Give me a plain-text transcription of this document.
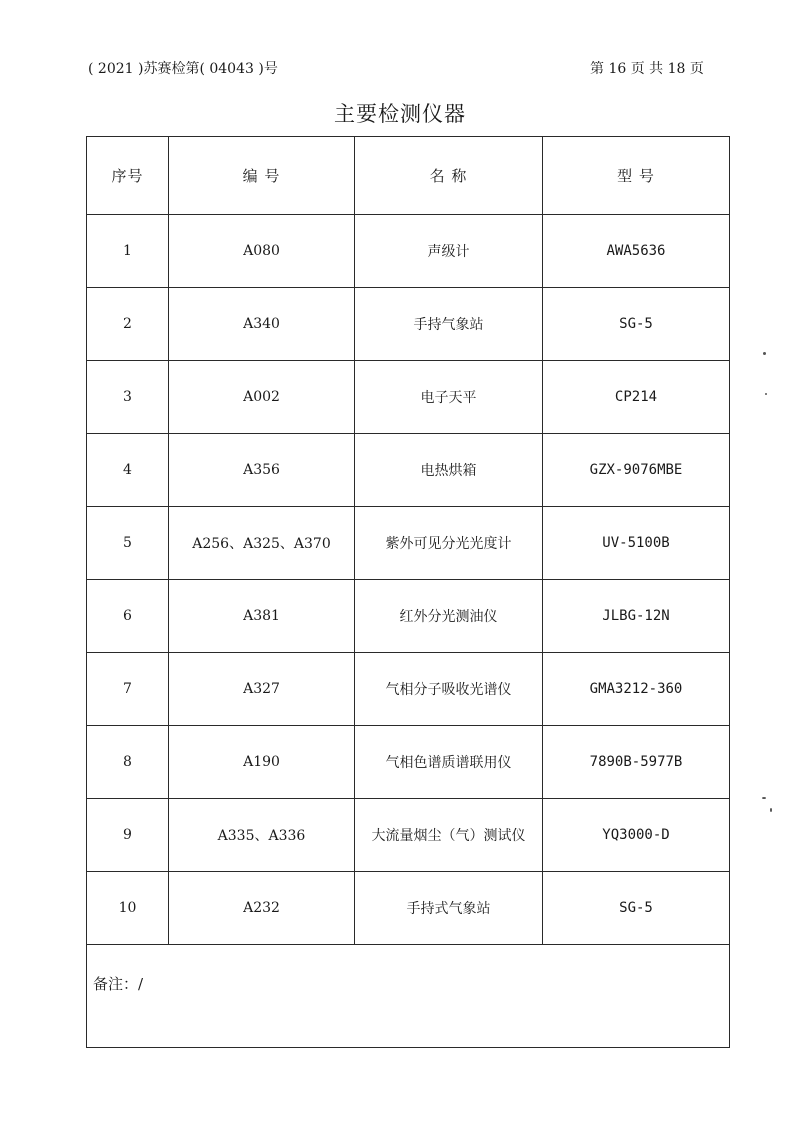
( 2021 )苏赛检第( 04043 )号	第 16 页 共 18 页
主要检测仪器
序号	编 号	名 称	型 号
1	A080	声级计	AWA5636
2	A340	手持气象站	SG-5
3	A002	电子天平	CP214
4	A356	电热烘箱	GZX-9076MBE
5	A256、A325、A370	紫外可见分光光度计	UV-5100B
6	A381	红外分光测油仪	JLBG-12N
7	A327	气相分子吸收光谱仪	GMA3212-360
8	A190	气相色谱质谱联用仪	7890B-5977B
9	A335、A336	大流量烟尘（气）测试仪	YQ3000-D
10	A232	手持式气象站	SG-5
备注：/			
